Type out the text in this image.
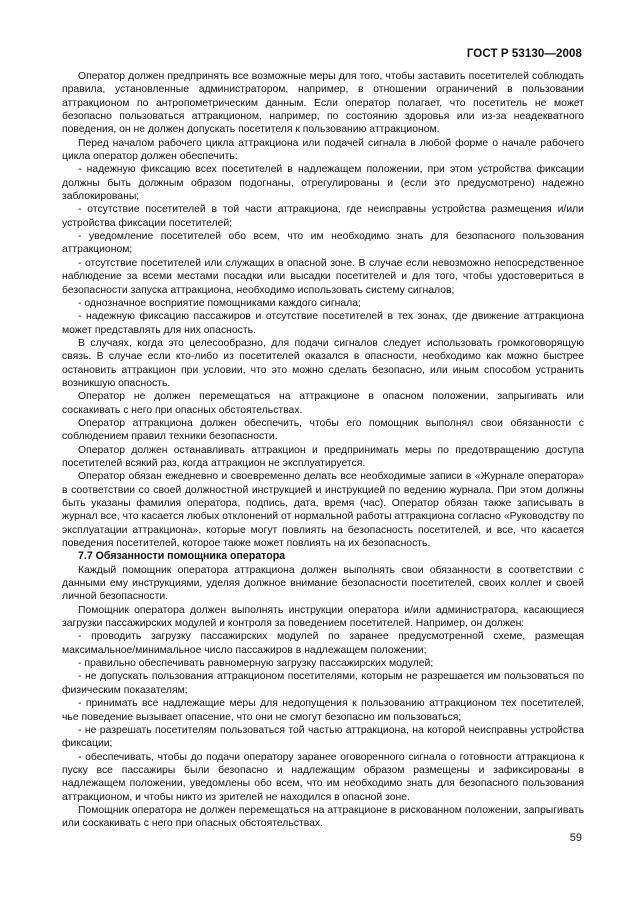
ГОСТ Р 53130—2008

Оператор должен предпринять все возможные меры для того, чтобы заставить посетителей соблюдать правила, установленные администратором, например, в отношении ограничений в пользовании аттракционом по антропометрическим данным. Если оператор полагает, что посетитель не может безопасно пользоваться аттракционом, например, по состоянию здоровья или из-за неадекватного поведения, он не должен допускать посетителя к пользованию аттракционом.

Перед началом рабочего цикла аттракциона или подачей сигнала в любой форме о начале рабочего цикла оператор должен обеспечить:

- надежную фиксацию всех посетителей в надлежащем положении, при этом устройства фиксации должны быть должным образом подогнаны, отрегулированы и (если это предусмотрено) надежно заблокированы;

- отсутствие посетителей в той части аттракциона, где неисправны устройства размещения и/или устройства фиксации посетителей;

- уведомление посетителей обо всем, что им необходимо знать для безопасного пользования аттракционом;

- отсутствие посетителей или служащих в опасной зоне. В случае если невозможно непосредственное наблюдение за всеми местами посадки или высадки посетителей и для того, чтобы удостовериться в безопасности запуска аттракциона, необходимо использовать систему сигналов;

- однозначное восприятие помощниками каждого сигнала;

- надежную фиксацию пассажиров и отсутствие посетителей в тех зонах, где движение аттракциона может представлять для них опасность.

В случаях, когда это целесообразно, для подачи сигналов следует использовать громкоговорящую связь. В случае если кто-либо из посетителей оказался в опасности, необходимо как можно быстрее остановить аттракцион при условии, что это можно сделать безопасно, или иным способом устранить возникшую опасность.

Оператор не должен перемещаться на аттракционе в опасном положении, запрыгивать или соскакивать с него при опасных обстоятельствах.

Оператор аттракциона должен обеспечить, чтобы его помощник выполнял свои обязанности с соблюдением правил техники безопасности.

Оператор должен останавливать аттракцион и предпринимать меры по предотвращению доступа посетителей всякий раз, когда аттракцион не эксплуатируется.

Оператор обязан ежедневно и своевременно делать все необходимые записи в «Журнале оператора» в соответствии со своей должностной инструкцией и инструкцией по ведению журнала. При этом должны быть указаны фамилия оператора, подпись, дата, время (час). Оператор обязан также записывать в журнал все, что касается любых отклонений от нормальной работы аттракциона согласно «Руководству по эксплуатации аттракциона», которые могут повлиять на безопасность посетителей, и все, что касается поведения посетителей, которое также может повлиять на их безопасность.

7.7 Обязанности помощника оператора

Каждый помощник оператора аттракциона должен выполнять свои обязанности в соответствии с данными ему инструкциями, уделяя должное внимание безопасности посетителей, своих коллег и своей личной безопасности.

Помощник оператора должен выполнять инструкции оператора и/или администратора, касающиеся загрузки пассажирских модулей и контроля за поведением посетителей. Например, он должен:

- проводить загрузку пассажирских модулей по заранее предусмотренной схеме, размещая максимальное/минимальное число пассажиров в надлежащем положении;

- правильно обеспечивать равномерную загрузку пассажирских модулей;

- не допускать пользования аттракционом посетителями, которым не разрешается им пользоваться по физическим показателям;

- принимать все надлежащие меры для недопущения к пользованию аттракционом тех посетителей, чье поведение вызывает опасение, что они не смогут безопасно им пользоваться;

- не разрешать посетителям пользоваться той частью аттракциона, на которой неисправны устройства фиксации;

- обеспечивать, чтобы до подачи оператору заранее оговоренного сигнала о готовности аттракциона к пуску все пассажиры были безопасно и надлежащим образом размещены и зафиксированы в надлежащем положении, уведомлены обо всем, что им необходимо знать для безопасного пользования аттракционом, и чтобы никто из зрителей не находился в опасной зоне.

Помощник оператора не должен перемещаться на аттракционе в рискованном положении, запрыгивать или соскакивать с него при опасных обстоятельствах.

59
